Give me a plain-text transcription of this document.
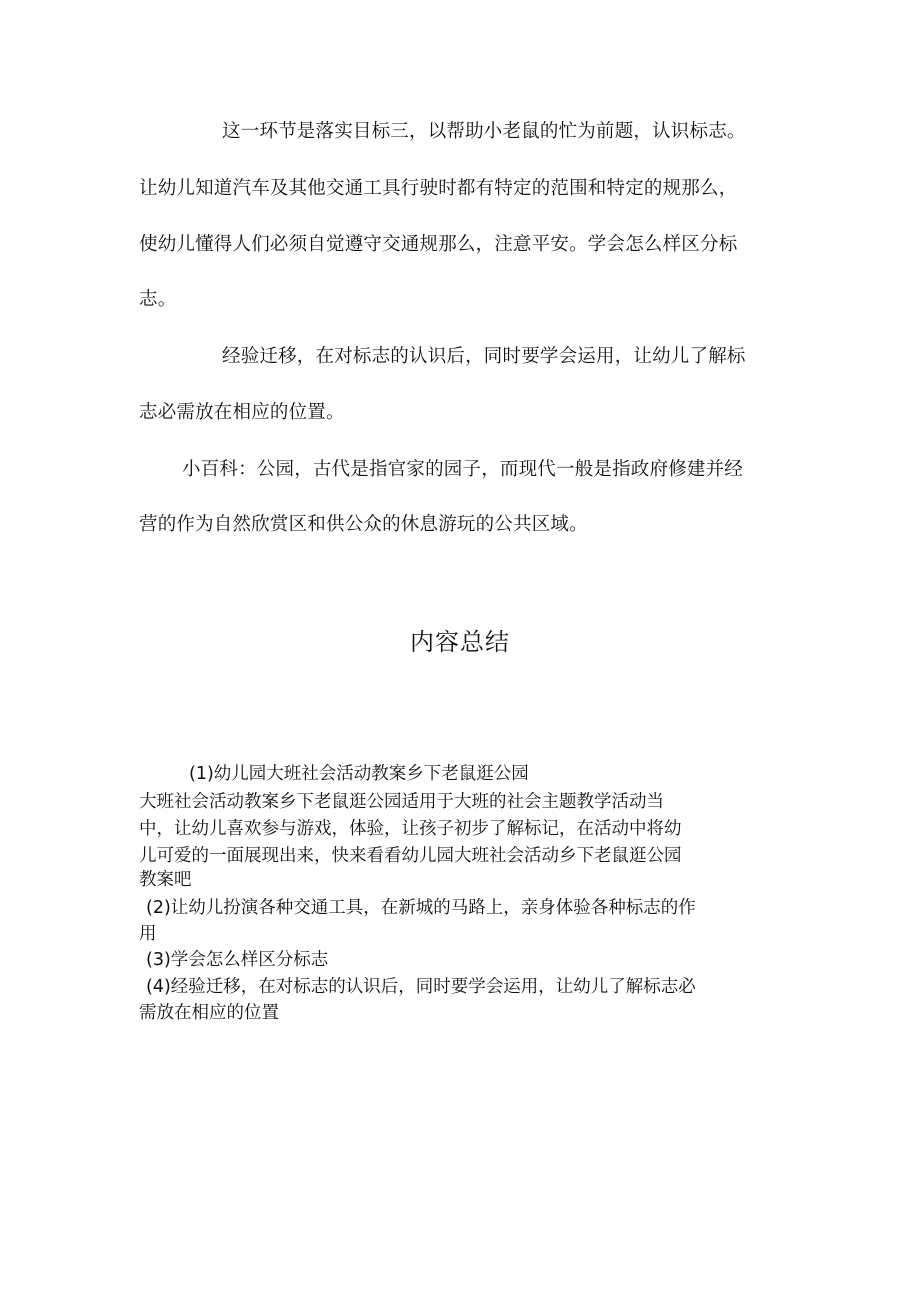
这一环节是落实目标三，以帮助小老鼠的忙为前题，认识标志。
让幼儿知道汽车及其他交通工具行驶时都有特定的范围和特定的规那么，
使幼儿懂得人们必须自觉遵守交通规那么，注意平安。学会怎么样区分标
志。
经验迁移，在对标志的认识后，同时要学会运用，让幼儿了解标
志必需放在相应的位置。
小百科：公园，古代是指官家的园子，而现代一般是指政府修建并经
营的作为自然欣赏区和供公众的休息游玩的公共区域。
内容总结
(1)幼儿园大班社会活动教案乡下老鼠逛公园
大班社会活动教案乡下老鼠逛公园适用于大班的社会主题教学活动当
中，让幼儿喜欢参与游戏，体验，让孩子初步了解标记，在活动中将幼
儿可爱的一面展现出来，快来看看幼儿园大班社会活动乡下老鼠逛公园
教案吧
(2)让幼儿扮演各种交通工具，在新城的马路上，亲身体验各种标志的作
用
(3)学会怎么样区分标志
(4)经验迁移，在对标志的认识后，同时要学会运用，让幼儿了解标志必
需放在相应的位置
